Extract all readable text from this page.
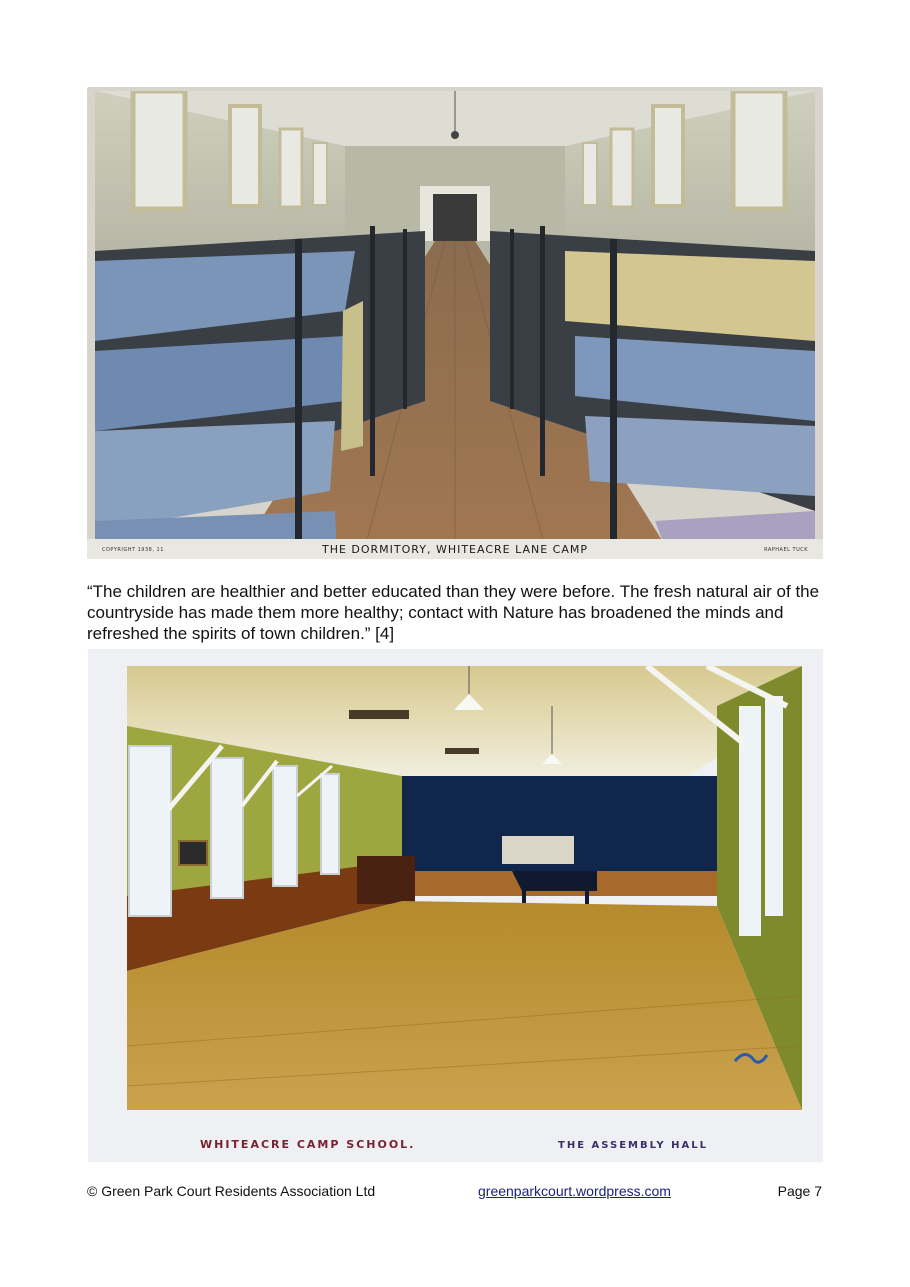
COPYRIGHT 1938, 11	THE DORMITORY, WHITEACRE LANE CAMP	RAPHAEL TUCK
“The children are healthier and better educated than they were before. The fresh natural air of the countryside has made them more healthy; contact with Nature has broadened the minds and refreshed the spirits of town children.” [4]
WHITEACRE CAMP SCHOOL.	THE ASSEMBLY HALL
© Green Park Court Residents Association Ltd	greenparkcourt.wordpress.com	Page 7
